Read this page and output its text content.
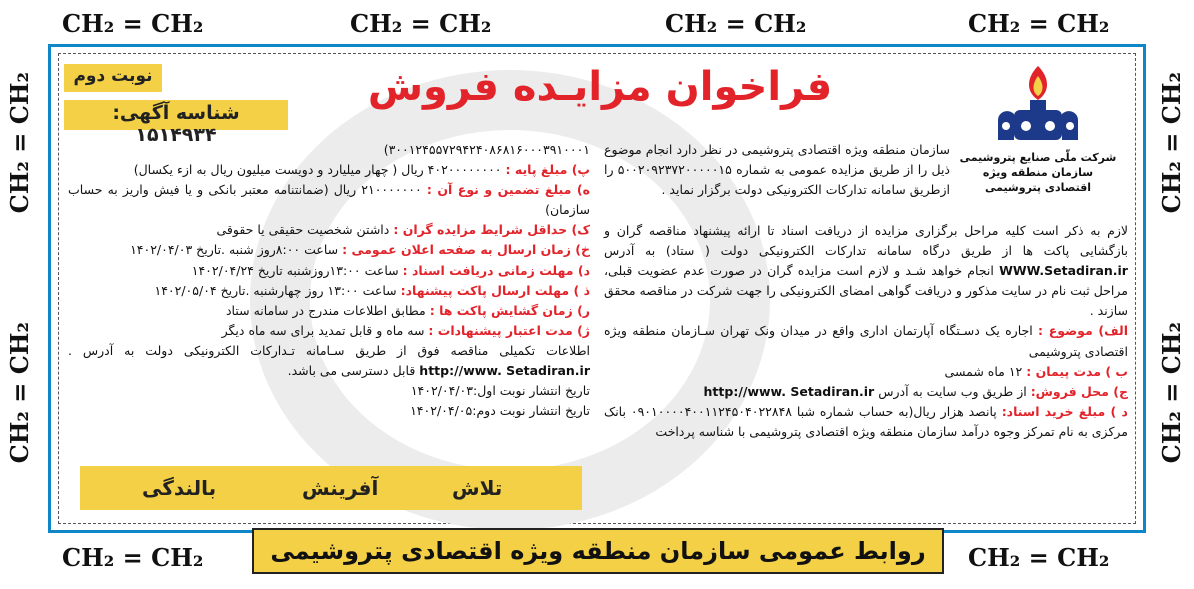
CH₂ = CH₂	CH₂ = CH₂	CH₂ = CH₂	CH₂ = CH₂
CH₂ = CH₂	CH₂ = CH₂
CH₂ = CH₂
CH₂ = CH₂
CH₂ = CH₂
CH₂ = CH₂
نوبت دوم
شناسه آگهی: ۱۵۱۴۹۳۴
فراخوان مزایـده فروش
شرکت ملّی صنایع پتروشیمی
سازمان منطقه ویژه اقتصادی پتروشیمی

سازمان منطقه ویژه اقتصادی پتروشیمی در نظر دارد انجام موضوع ذیل را از طریق مزایده عمومی به شماره ۵۰۰۲۰۹۲۳۷۲۰۰۰۰۰۱۵ را ازطریق سامانه تدارکات الکترونیکی دولت برگزار نماید .

لازم به ذکر است کلیه مراحل برگزاری مزایده از دریافت اسناد تا ارائه پیشنهاد مناقصه گران و بازگشایی پاکت ها از طریق درگاه سامانه تدارکات الکترونیکی دولت ( ستاد) به آدرس WWW.Setadiran.ir انجام خواهد شـد و لازم است مزایده گران در صورت عدم عضویت قبلی، مراحل ثبت نام در سایت مذکور و دریافت گواهی امضای الکترونیکی را جهت شرکت در مناقصه محقق سازند .

الف) موضوع : اجاره یک دسـتگاه آپارتمان اداری واقع در میدان ونک تهران سـازمان منطقه ویژه اقتصادی پتروشیمی

ب ) مدت پیمان : ۱۲ ماه شمسی

ج) محل فروش: از طریق وب سایت به آدرس http://www. Setadiran.ir

د ) مبلغ خرید اسناد: پانصد هزار ریال(به حساب شماره شبا ۰۹۰۱۰۰۰۰۴۰۰۱۱۲۴۵۰۴۰۲۲۸۴۸ بانک مرکزی به نام تمرکز وجوه درآمد سازمان منطقه ویژه اقتصادی پتروشیمی با شناسه پرداخت

۳۰۰۱۲۴۵۵۷۲۹۴۲۴۰۸۶۸۱۶۰۰۰۳۹۱۰۰۰۱)

پ) مبلغ پایه : ۴۰۲۰۰۰۰۰۰۰۰ ریال ( چهار میلیارد و دویست میلیون ریال به ازء یکسال)

ه) مبلغ تضمین و نوع آن : ۲۱۰۰۰۰۰۰۰ ریال (ضمانتنامه معتبر بانکی و یا فیش واریز به حساب سازمان)

ک) حداقل شرایط مزایده گران : داشتن شخصیت حقیقی یا حقوقی

خ) زمان ارسال به صفحه اعلان عمومی : ساعت ۸:۰۰روز شنبه .تاریخ ۱۴۰۲/۰۴/۰۳

د) مهلت زمانی دریافت اسناد : ساعت ۱۳:۰۰روزشنبه تاریخ ۱۴۰۲/۰۴/۲۴

ذ ) مهلت ارسال پاکت پیشنهاد: ساعت ۱۳:۰۰ روز چهارشنبه .تاریخ ۱۴۰۲/۰۵/۰۴

ر) زمان گشایش پاکت ها : مطابق اطلاعات مندرج در سامانه ستاد

ژ) مدت اعتبار پیشنهادات : سه ماه و قابل تمدید برای سه ماه دیگر

اطلاعات تکمیلی مناقصه فوق از طریق سـامانه تـدارکات الکترونیکی دولت به آدرس . http://www. Setadiran.ir قابل دسترسی می باشد.

تاریخ انتشار نوبت اول:۱۴۰۲/۰۴/۰۳

تاریخ انتشار نوبت دوم:۱۴۰۲/۰۴/۰۵

تلاش
آفرینش
بالندگی
روابط عمومی سازمان منطقه ویژه اقتصادی پتروشیمی
